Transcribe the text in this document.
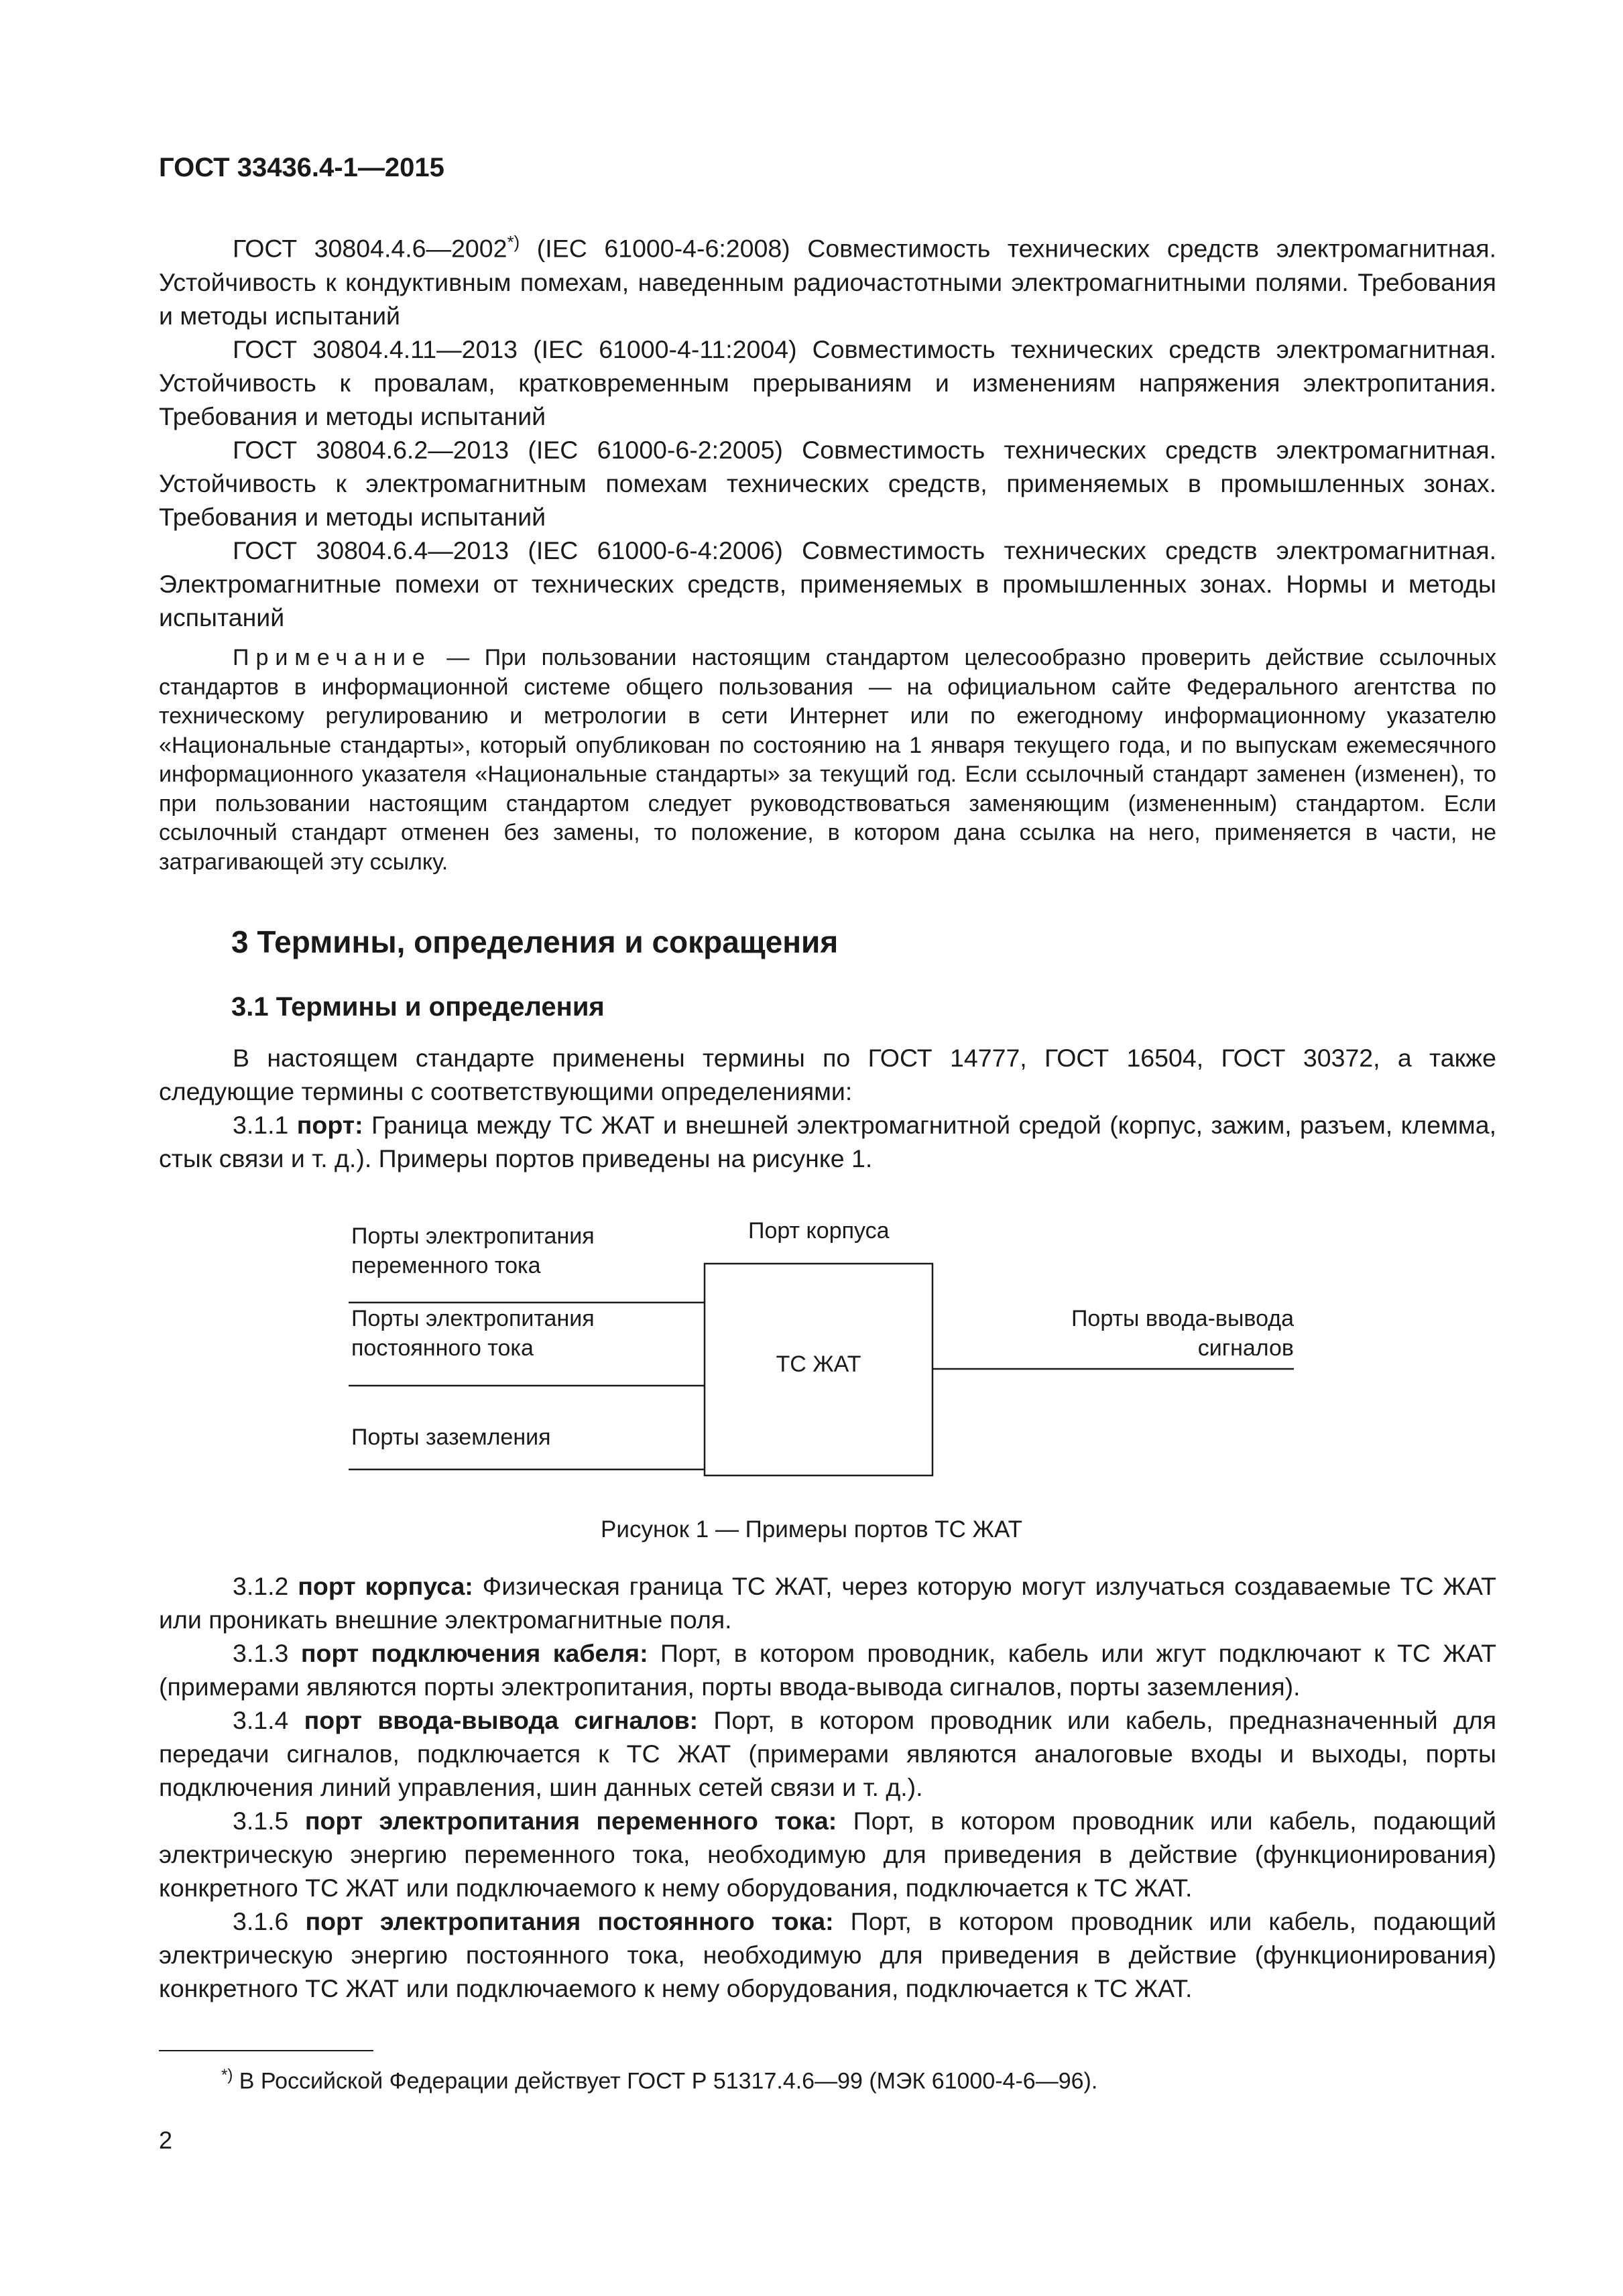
ГОСТ 33436.4-1—2015

ГОСТ 30804.4.6—2002*) (IEC 61000-4-6:2008) Совместимость технических средств электромагнитная. Устойчивость к кондуктивным помехам, наведенным радиочастотными электромагнитными полями. Требования и методы испытаний

ГОСТ 30804.4.11—2013 (IEC 61000-4-11:2004) Совместимость технических средств электромагнитная. Устойчивость к провалам, кратковременным прерываниям и изменениям напряжения электропитания. Требования и методы испытаний

ГОСТ 30804.6.2—2013 (IEC 61000-6-2:2005) Совместимость технических средств электромагнитная. Устойчивость к электромагнитным помехам технических средств, применяемых в промышленных зонах. Требования и методы испытаний

ГОСТ 30804.6.4—2013 (IEC 61000-6-4:2006) Совместимость технических средств электромагнитная. Электромагнитные помехи от технических средств, применяемых в промышленных зонах. Нормы и методы испытаний

Примечание — При пользовании настоящим стандартом целесообразно проверить действие ссылочных стандартов в информационной системе общего пользования — на официальном сайте Федерального агентства по техническому регулированию и метрологии в сети Интернет или по ежегодному информационному указателю «Национальные стандарты», который опубликован по состоянию на 1 января текущего года, и по выпускам ежемесячного информационного указателя «Национальные стандарты» за текущий год. Если ссылочный стандарт заменен (изменен), то при пользовании настоящим стандартом следует руководствоваться заменяющим (измененным) стандартом. Если ссылочный стандарт отменен без замены, то положение, в котором дана ссылка на него, применяется в части, не затрагивающей эту ссылку.

3 Термины, определения и сокращения
3.1 Термины и определения

В настоящем стандарте применены термины по ГОСТ 14777, ГОСТ 16504, ГОСТ 30372, а также следующие термины с соответствующими определениями:

3.1.1 порт: Граница между ТС ЖАТ и внешней электромагнитной средой (корпус, зажим, разъем, клемма, стык связи и т. д.). Примеры портов приведены на рисунке 1.

Порты электропитания
переменного тока
Порты электропитания
постоянного тока
Порты заземления
Порт корпуса
ТС ЖАТ
Порты ввода-вывода
сигналов
Рисунок 1 — Примеры портов ТС ЖАТ

3.1.2 порт корпуса: Физическая граница ТС ЖАТ, через которую могут излучаться создаваемые ТС ЖАТ или проникать внешние электромагнитные поля.

3.1.3 порт подключения кабеля: Порт, в котором проводник, кабель или жгут подключают к ТС ЖАТ (примерами являются порты электропитания, порты ввода-вывода сигналов, порты заземления).

3.1.4 порт ввода-вывода сигналов: Порт, в котором проводник или кабель, предназначенный для передачи сигналов, подключается к ТС ЖАТ (примерами являются аналоговые входы и выходы, порты подключения линий управления, шин данных сетей связи и т. д.).

3.1.5 порт электропитания переменного тока: Порт, в котором проводник или кабель, подающий электрическую энергию переменного тока, необходимую для приведения в действие (функционирования) конкретного ТС ЖАТ или подключаемого к нему оборудования, подключается к ТС ЖАТ.

3.1.6 порт электропитания постоянного тока: Порт, в котором проводник или кабель, подающий электрическую энергию постоянного тока, необходимую для приведения в действие (функционирования) конкретного ТС ЖАТ или подключаемого к нему оборудования, подключается к ТС ЖАТ.

*) В Российской Федерации действует ГОСТ Р 51317.4.6—99 (МЭК 61000-4-6—96).
2
